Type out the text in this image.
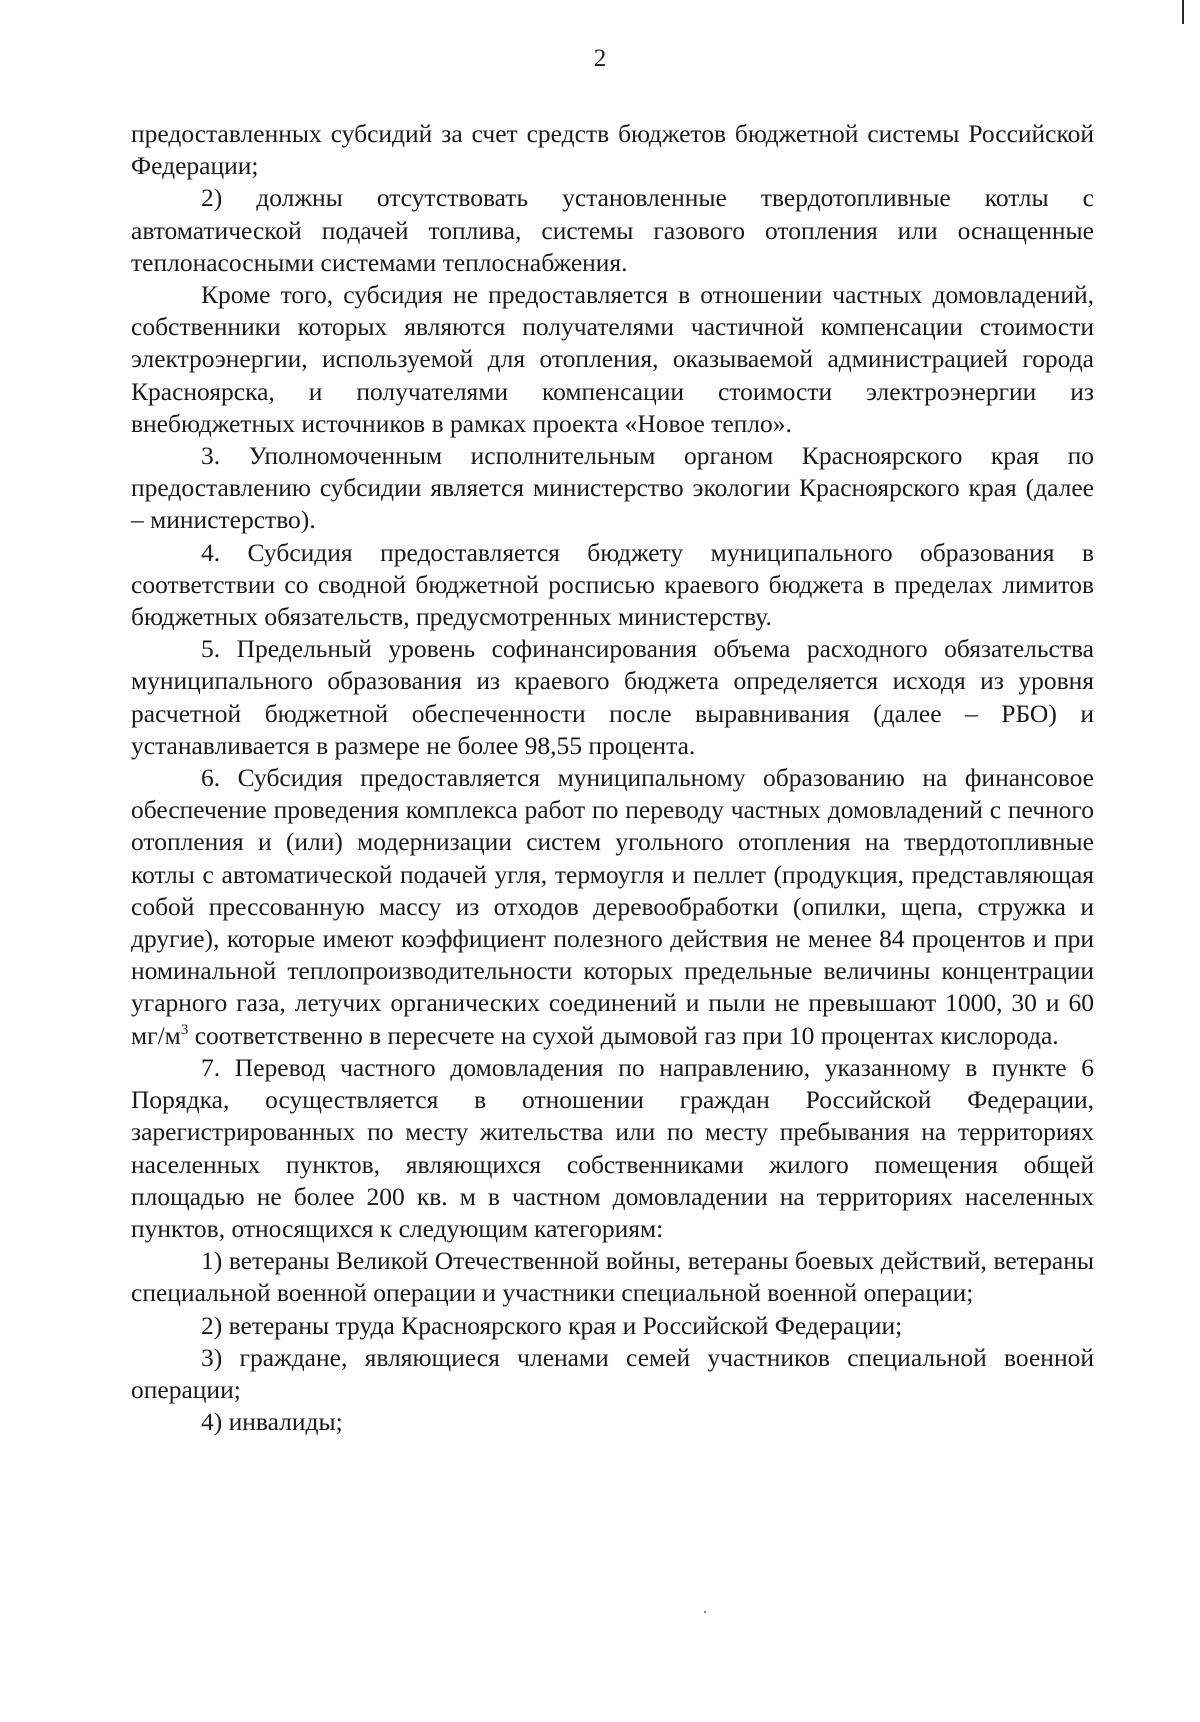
2

предоставленных субсидий за счет средств бюджетов бюджетной системы Российской Федерации;

2) должны отсутствовать установленные твердотопливные котлы с автоматической подачей топлива, системы газового отопления или оснащенные теплонасосными системами теплоснабжения.

Кроме того, субсидия не предоставляется в отношении частных домовладений, собственники которых являются получателями частичной компенсации стоимости электроэнергии, используемой для отопления, оказываемой администрацией города Красноярска, и получателями компенсации стоимости электроэнергии из внебюджетных источников в рамках проекта «Новое тепло».

3. Уполномоченным исполнительным органом Красноярского края по предоставлению субсидии является министерство экологии Красноярского края (далее – министерство).

4. Субсидия предоставляется бюджету муниципального образования в соответствии со сводной бюджетной росписью краевого бюджета в пределах лимитов бюджетных обязательств, предусмотренных министерству.

5. Предельный уровень софинансирования объема расходного обязательства муниципального образования из краевого бюджета определяется исходя из уровня расчетной бюджетной обеспеченности после выравнивания (далее – РБО) и устанавливается в размере не более 98,55 процента.

6. Субсидия предоставляется муниципальному образованию на финансовое обеспечение проведения комплекса работ по переводу частных домовладений с печного отопления и (или) модернизации систем угольного отопления на твердотопливные котлы с автоматической подачей угля, термоугля и пеллет (продукция, представляющая собой прессованную массу из отходов деревообработки (опилки, щепа, стружка и другие), которые имеют коэффициент полезного действия не менее 84 процентов и при номинальной теплопроизводительности которых предельные величины концентрации угарного газа, летучих органических соединений и пыли не превышают 1000, 30 и 60 $мг/м^3$ соответственно в пересчете на сухой дымовой газ при 10 процентах кислорода.

7. Перевод частного домовладения по направлению, указанному в пункте 6 Порядка, осуществляется в отношении граждан Российской Федерации, зарегистрированных по месту жительства или по месту пребывания на территориях населенных пунктов, являющихся собственниками жилого помещения общей площадью не более 200 кв. м в частном домовладении на территориях населенных пунктов, относящихся к следующим категориям:

1) ветераны Великой Отечественной войны, ветераны боевых действий, ветераны специальной военной операции и участники специальной военной операции;

2) ветераны труда Красноярского края и Российской Федерации;

3) граждане, являющиеся членами семей участников специальной военной операции;

4) инвалиды;
